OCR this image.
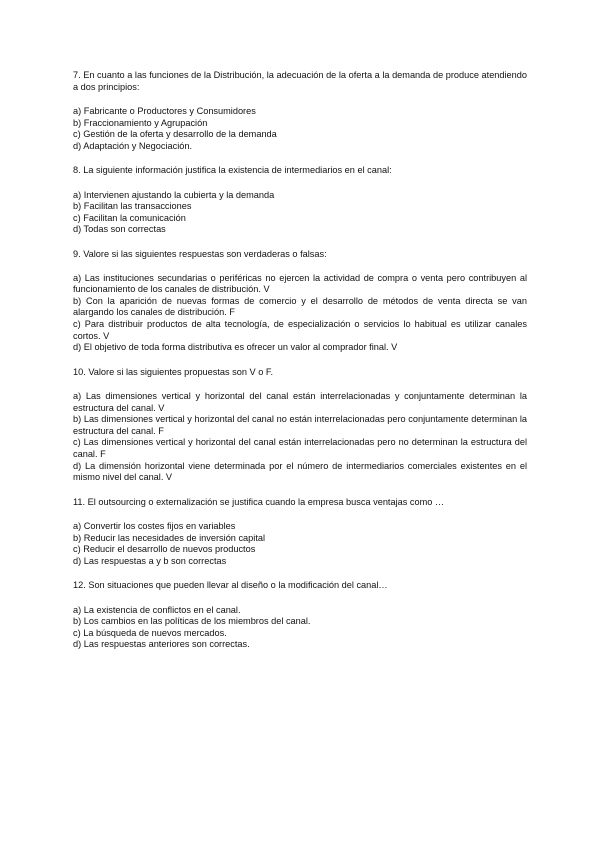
7. En cuanto a las funciones de la Distribución, la adecuación de la oferta a la demanda de produce atendiendo a dos principios:

a) Fabricante o Productores y Consumidores

b) Fraccionamiento y Agrupación

c) Gestión de la oferta y desarrollo de la demanda

d) Adaptación y Negociación.

8. La siguiente información justifica la existencia de intermediarios en el canal:

a) Intervienen ajustando la cubierta y la demanda

b) Facilitan las transacciones

c) Facilitan la comunicación

d) Todas son correctas

9. Valore si las siguientes respuestas son verdaderas o falsas:

a) Las instituciones secundarias o periféricas no ejercen la actividad de compra o venta pero contribuyen al funcionamiento de los canales de distribución. V

b) Con la aparición de nuevas formas de comercio y el desarrollo de métodos de venta directa se van alargando los canales de distribución. F

c) Para distribuir productos de alta tecnología, de especialización o servicios lo habitual es utilizar canales cortos. V

d) El objetivo de toda forma distributiva es ofrecer un valor al comprador final. V

10. Valore si las siguientes propuestas son V o F.

a) Las dimensiones vertical y horizontal del canal están interrelacionadas y conjuntamente determinan la estructura del canal. V

b) Las dimensiones vertical y horizontal del canal no están interrelacionadas pero conjuntamente determinan la estructura del canal. F

c) Las dimensiones vertical y horizontal del canal están interrelacionadas pero no determinan la estructura del canal. F

d) La dimensión horizontal viene determinada por el número de intermediarios comerciales existentes en el mismo nivel del canal. V

11. El outsourcing o externalización se justifica cuando la empresa busca ventajas como …

a) Convertir los costes fijos en variables

b) Reducir las necesidades de inversión capital

c) Reducir el desarrollo de nuevos productos

d) Las respuestas a y b son correctas

12. Son situaciones que pueden llevar al diseño o la modificación del canal…

a) La existencia de conflictos en el canal.

b) Los cambios en las políticas de los miembros del canal.

c) La búsqueda de nuevos mercados.

d) Las respuestas anteriores son correctas.
